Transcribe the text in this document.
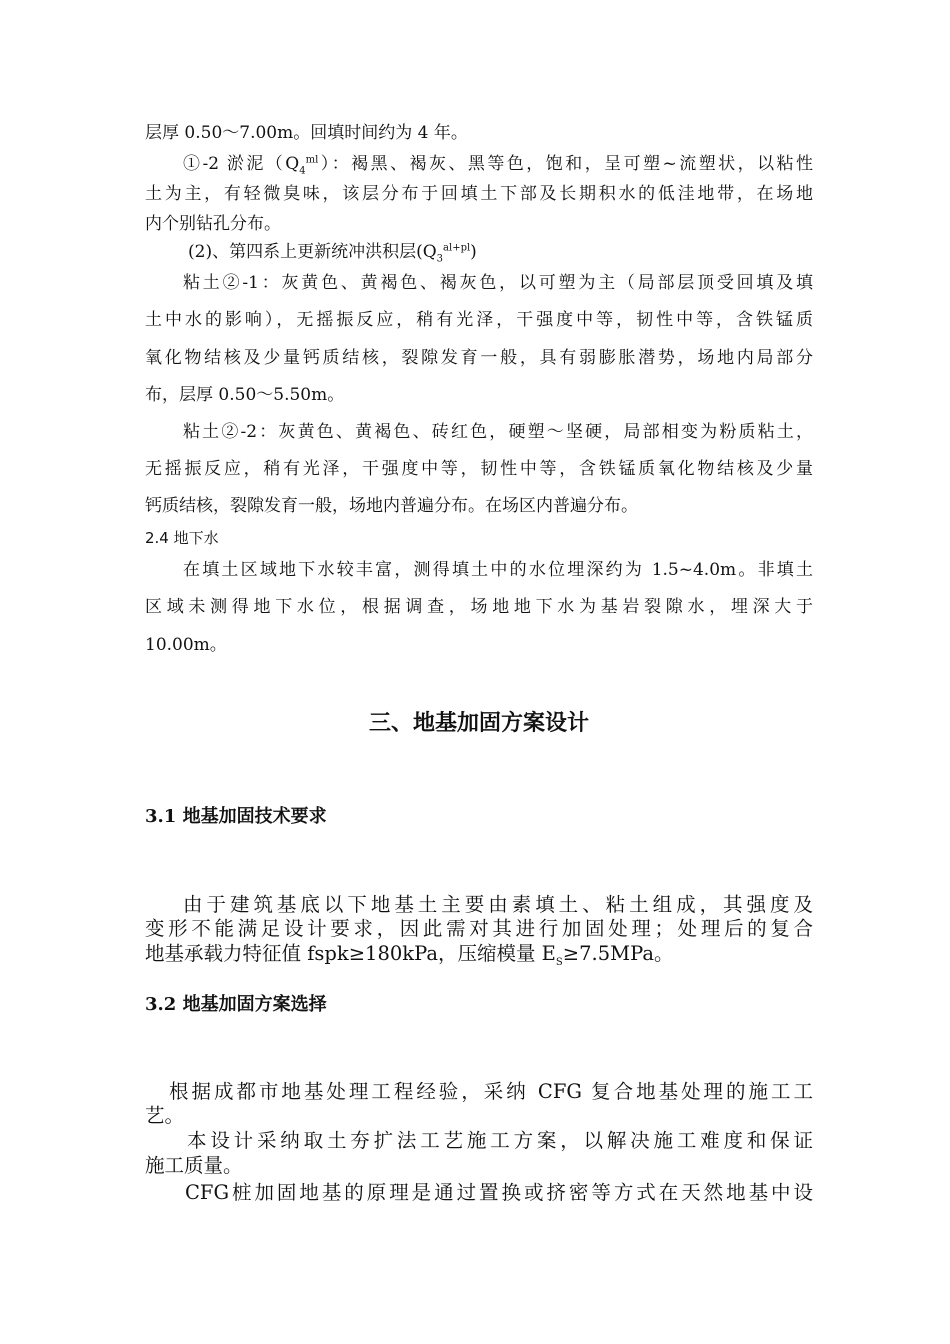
层厚 0.50～7.00m。回填时间约为 4 年。
①-2 淤泥$(Q_4^{ml})$：褐黑、褐灰、黑等色，饱和，呈可塑~流塑状，以粘性
土为主，有轻微臭味，该层分布于回填土下部及长期积水的低洼地带，在场地
内个别钻孔分布。
(2)、第四系上更新统冲洪积层$(Q_3^{al+pl})$
粘土②-1：灰黄色、黄褐色、褐灰色，以可塑为主（局部层顶受回填及填
土中水的影响），无摇振反应，稍有光泽，干强度中等，韧性中等，含铁锰质
氧化物结核及少量钙质结核，裂隙发育一般，具有弱膨胀潜势，场地内局部分
布，层厚 0.50～5.50m。
粘土②-2：灰黄色、黄褐色、砖红色，硬塑～坚硬，局部相变为粉质粘土，
无摇振反应，稍有光泽，干强度中等，韧性中等，含铁锰质氧化物结核及少量
钙质结核，裂隙发育一般，场地内普遍分布。在场区内普遍分布。
2.4 地下水
在填土区域地下水较丰富，测得填土中的水位埋深约为 1.5~4.0m。非填土
区域未测得地下水位，根据调查，场地地下水为基岩裂隙水，埋深大于
10.00m。
三、地基加固方案设计
3.1 地基加固技术要求
由于建筑基底以下地基土主要由素填土、粘土组成，其强度及
变形不能满足设计要求，因此需对其进行加固处理；处理后的复合
地基承载力特征值 fspk≥180kPa，压缩模量 $E_S\ge 7.5MPa$。
3.2 地基加固方案选择
根据成都市地基处理工程经验，采纳 CFG 复合地基处理的施工工
艺。
本设计采纳取土夯扩法工艺施工方案，以解决施工难度和保证
施工质量。
CFG桩加固地基的原理是通过置换或挤密等方式在天然地基中设
